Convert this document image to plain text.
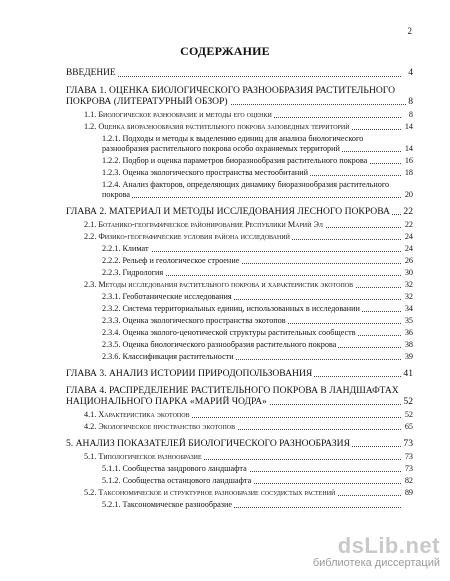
2
СОДЕРЖАНИЕ
ВВЕДЕНИЕ	4
ГЛАВА 1. ОЦЕНКА БИОЛОГИЧЕСКОГО РАЗНООБРАЗИЯ РАСТИТЕЛЬНОГО ПОКРОВА (ЛИТЕРАТУРНЫЙ ОБЗОР)	8
1.1. Биологическое разнообразие и методы его оценки	8
1.2. Оценка биоразнообразия растительного покрова заповедных территорий	14
1.2.1. Подходы и методы к выделению единиц для анализа биологического разнообразия растительного покрова особо охраняемых территорий	14
1.2.2. Подбор и оценка параметров биоразнообразия растительного покрова	16
1.2.3. Оценка экологического пространства местообитаний	18
1.2.4. Анализ факторов, определяющих динамику биоразнообразия растительного покрова	20
ГЛАВА 2. МАТЕРИАЛ И МЕТОДЫ ИССЛЕДОВАНИЯ ЛЕСНОГО ПОКРОВА	22
2.1. Ботанико-географическое районирование Республики Марий Эл	22
2.2. Физико-географические условия района исследований	24
2.2.1. Климат	24
2.2.2. Рельеф и геологическое строение	26
2.2.3. Гидрология	30
2.3. Методы исследования растительного покрова и характеристик экотопов	32
2.3.1. Геоботанические исследования	32
2.3.2. Система территориальных единиц, использованных в исследовании	34
2.3.3. Оценка экологического пространства экотопов	35
2.3.4. Оценка эколого-ценотической структуры растительных сообществ	36
2.3.5. Оценка биологического разнообразия растительного покрова	38
2.3.6. Классификация растительности	39
ГЛАВА 3. АНАЛИЗ ИСТОРИИ ПРИРОДОПОЛЬЗОВАНИЯ	41
ГЛАВА 4. РАСПРЕДЕЛЕНИЕ РАСТИТЕЛЬНОГО ПОКРОВА В ЛАНДШАФТАХ НАЦИОНАЛЬНОГО ПАРКА «МАРИЙ ЧОДРА»	52
4.1. Характеристика экотопов	52
4.2. Экологическое пространство экотопов	65
5. АНАЛИЗ ПОКАЗАТЕЛЕЙ БИОЛОГИЧЕСКОГО РАЗНООБРАЗИЯ	73
5.1. Типологическое разнообразие	73
5.1.1. Сообщества зандрового ландшафта	73
5.1.2. Сообщества останцового ландшафта	82
5.2. Таксономическое и структурное разнообразие сосудистых растений	89
5.2.1. Таксономическое разнообразие
dsLib.net
библиотека диссертаций
